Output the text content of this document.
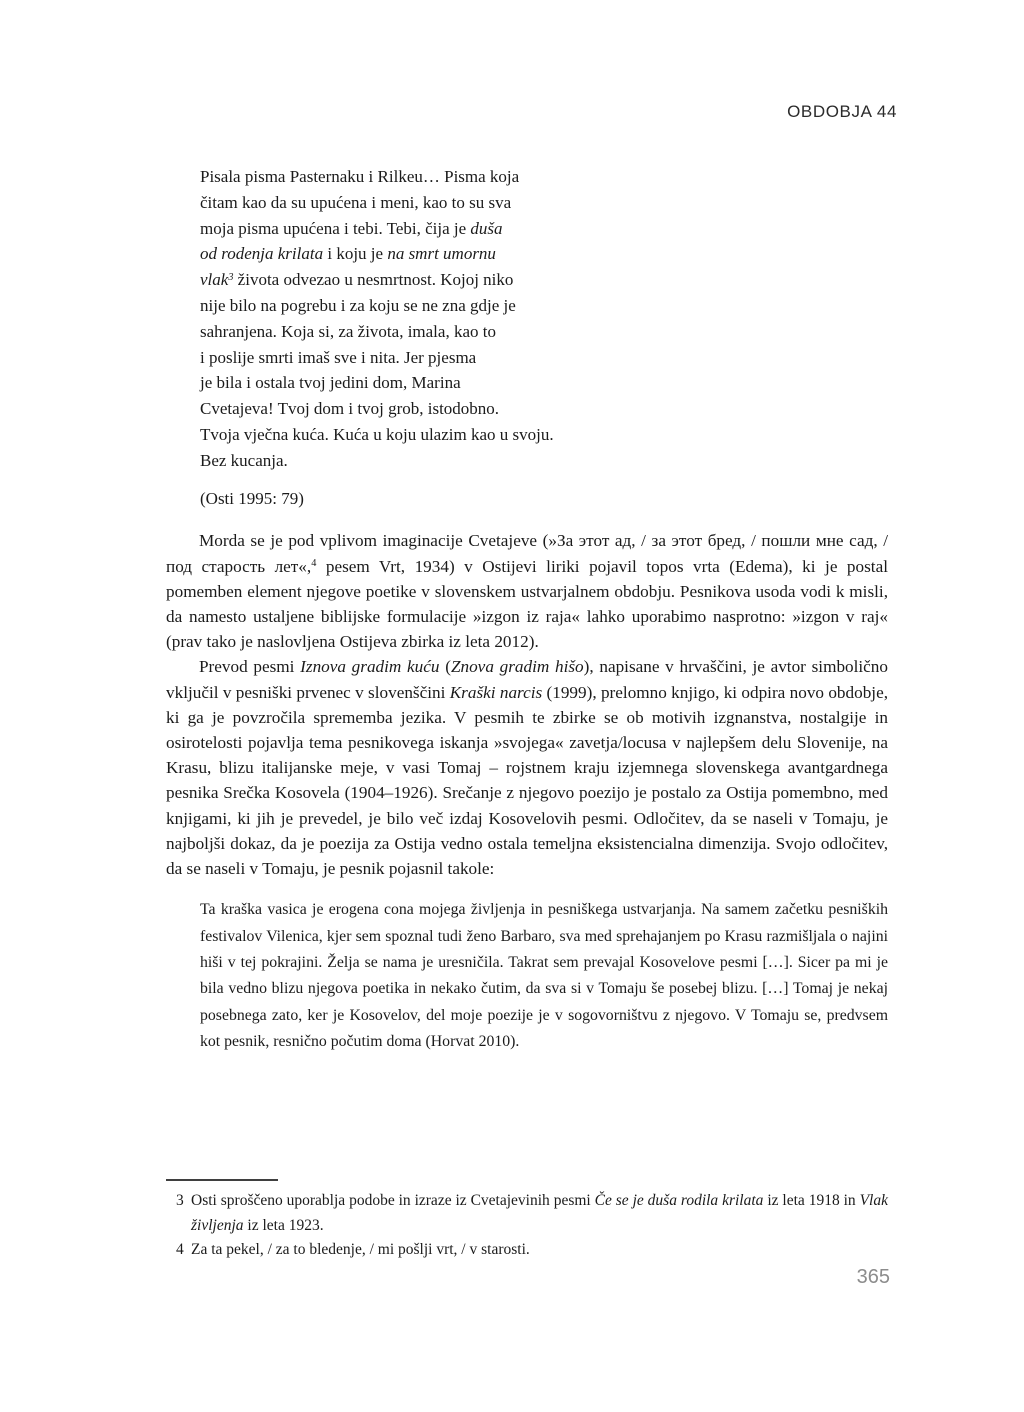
OBDOBJA 44
Pisala pisma Pasternaku i Rilkeu… Pisma koja
čitam kao da su upućena i meni, kao to su sva
moja pisma upućena i tebi. Tebi, čija je duša
od rodenja krilata i koju je na smrt umornu
vlak$^3$ života odvezao u nesmrtnost. Kojoj niko
nije bilo na pogrebu i za koju se ne zna gdje je
sahranjena. Koja si, za života, imala, kao to
i poslije smrti imaš sve i nita. Jer pjesma
je bila i ostala tvoj jedini dom, Marina
Cvetajeva! Tvoj dom i tvoj grob, istodobno.
Tvoja vječna kuća. Kuća u koju ulazim kao u svoju.
Bez kucanja.
(Osti 1995: 79)

Morda se je pod vplivom imaginacije Cvetajeve (»За этот ад, / за этот бред, / пошли мне сад, / под старость лет«,$^4$ pesem Vrt, 1934) v Ostijevi liriki pojavil topos vrta (Edema), ki je postal pomemben element njegove poetike v slovenskem ustvarjalnem obdobju. Pesnikova usoda vodi k misli, da namesto ustaljene biblijske formulacije »izgon iz raja« lahko uporabimo nasprotno: »izgon v raj« (prav tako je naslovljena Ostijeva zbirka iz leta 2012).

Prevod pesmi Iznova gradim kuću (Znova gradim hišo), napisane v hrvaščini, je avtor simbolično vključil v pesniški prvenec v slovenščini Kraški narcis (1999), prelomno knjigo, ki odpira novo obdobje, ki ga je povzročila sprememba jezika. V pesmih te zbirke se ob motivih izgnanstva, nostalgije in osirotelosti pojavlja tema pesnikovega iskanja »svojega« zavetja/locusa v najlepšem delu Slovenije, na Krasu, blizu italijanske meje, v vasi Tomaj – rojstnem kraju izjemnega slovenskega avantgardnega pesnika Srečka Kosovela (1904–1926). Srečanje z njegovo poezijo je postalo za Ostija pomembno, med knjigami, ki jih je prevedel, je bilo več izdaj Kosovelovih pesmi. Odločitev, da se naseli v Tomaju, je najboljši dokaz, da je poezija za Ostija vedno ostala temeljna eksistencialna dimenzija. Svojo odločitev, da se naseli v Tomaju, je pesnik pojasnil takole:

Ta kraška vasica je erogena cona mojega življenja in pesniškega ustvarjanja. Na samem začetku pesniških festivalov Vilenica, kjer sem spoznal tudi ženo Barbaro, sva med sprehajanjem po Krasu razmišljala o najini hiši v tej pokrajini. Želja se nama je uresničila. Takrat sem prevajal Kosovelove pesmi […]. Sicer pa mi je bila vedno blizu njegova poetika in nekako čutim, da sva si v Tomaju še posebej blizu. […] Tomaj je nekaj posebnega zato, ker je Kosovelov, del moje poezije je v sogovorništvu z njegovo. V Tomaju se, predvsem kot pesnik, resnično počutim doma (Horvat 2010).
3 Osti sproščeno uporablja podobe in izraze iz Cvetajevinih pesmi Če se je duša rodila krilata iz leta 1918 in Vlak življenja iz leta 1923.
4 Za ta pekel, / za to bledenje, / mi pošlji vrt, / v starosti.
365
